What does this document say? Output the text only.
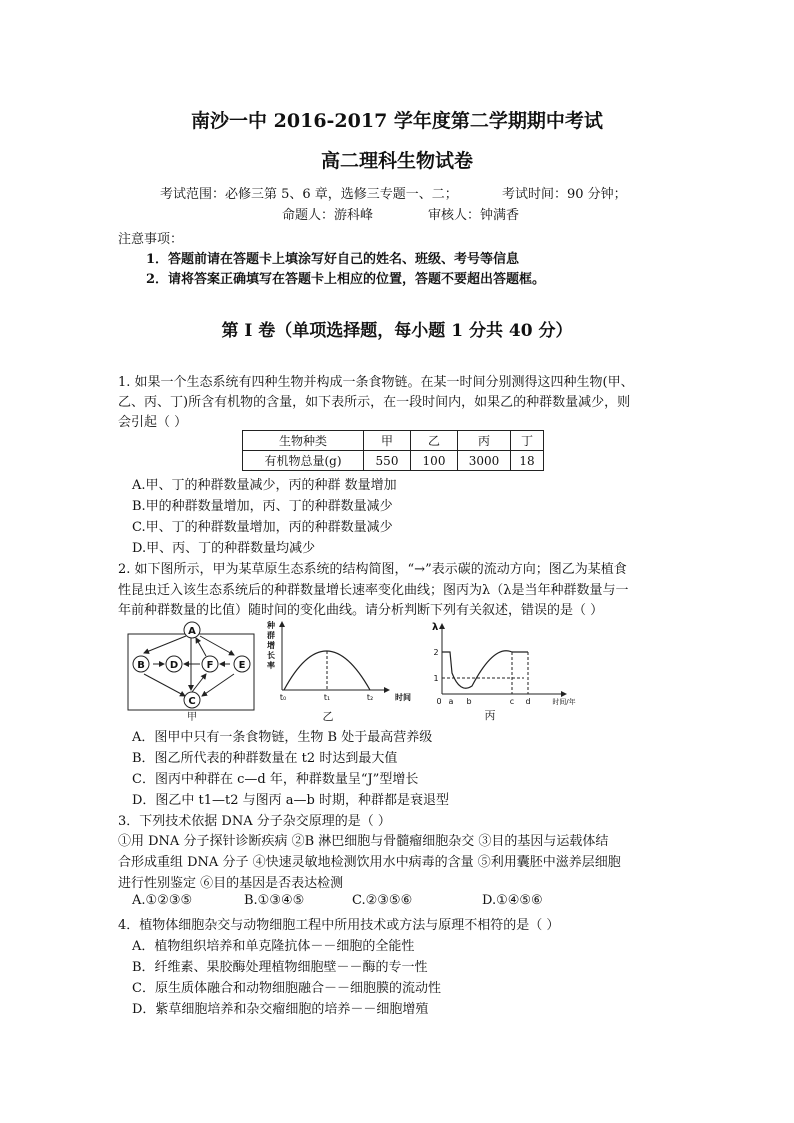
南沙一中 2016-2017 学年度第二学期期中考试
高二理科生物试卷
考试范围：必修三第 5、6 章，选修三专题一、二；	考试时间：90 分钟；
命题人：游科峰	审核人：钟满香
注意事项：
1．答题前请在答题卡上填涂写好自己的姓名、班级、考号等信息
2．请将答案正确填写在答题卡上相应的位置，答题不要超出答题框。
第 I 卷（单项选择题，每小题 1 分共 40 分）
1. 如果一个生态系统有四种生物并构成一条食物链。在某一时间分别测得这四种生物(甲、
乙、丙、丁)所含有机物的含量，如下表所示，在一段时间内，如果乙的种群数量减少，则
会引起（ ）
生物种类	甲	乙	丙	丁
有机物总量(g)	550	100	3000	18
A.甲、丁的种群数量减少，丙的种群 数量增加
B.甲的种群数量增加，丙、丁的种群数量减少
C.甲、丁的种群数量增加，丙的种群数量减少
D.甲、丙、丁的种群数量均减少
2. 如下图所示，甲为某草原生态系统的结构简图，“→”表示碳的流动方向；图乙为某植食
性昆虫迁入该生态系统后的种群数量增长速率变化曲线；图丙为λ（λ是当年种群数量与一
年前种群数量的比值）随时间的变化曲线。请分析判断下列有关叙述，错误的是（ ）
A
B	D	F	E
C
甲
种
群
增
长
率
t₀	t₁	t₂	时间
乙
λ
2
1
0 a b	c d	时间/年
丙
A．图甲中只有一条食物链，生物 B 处于最高营养级
B．图乙所代表的种群数量在 t2 时达到最大值
C．图丙中种群在 c—d 年，种群数量呈“J”型增长
D．图乙中 t1—t2 与图丙 a—b 时期，种群都是衰退型
3．下列技术依据 DNA 分子杂交原理的是（ ）
①用 DNA 分子探针诊断疾病 ②B 淋巴细胞与骨髓瘤细胞杂交 ③目的基因与运载体结
合形成重组 DNA 分子 ④快速灵敏地检测饮用水中病毒的含量 ⑤利用囊胚中滋养层细胞
进行性别鉴定 ⑥目的基因是否表达检测
A.①②③⑤	B.①③④⑤	C.②③⑤⑥	D.①④⑤⑥
4．植物体细胞杂交与动物细胞工程中所用技术或方法与原理不相符的是（ ）
A．植物组织培养和单克隆抗体－－细胞的全能性
B．纤维素、果胶酶处理植物细胞壁－－酶的专一性
C．原生质体融合和动物细胞融合－－细胞膜的流动性
D．紫草细胞培养和杂交瘤细胞的培养－－细胞增殖
